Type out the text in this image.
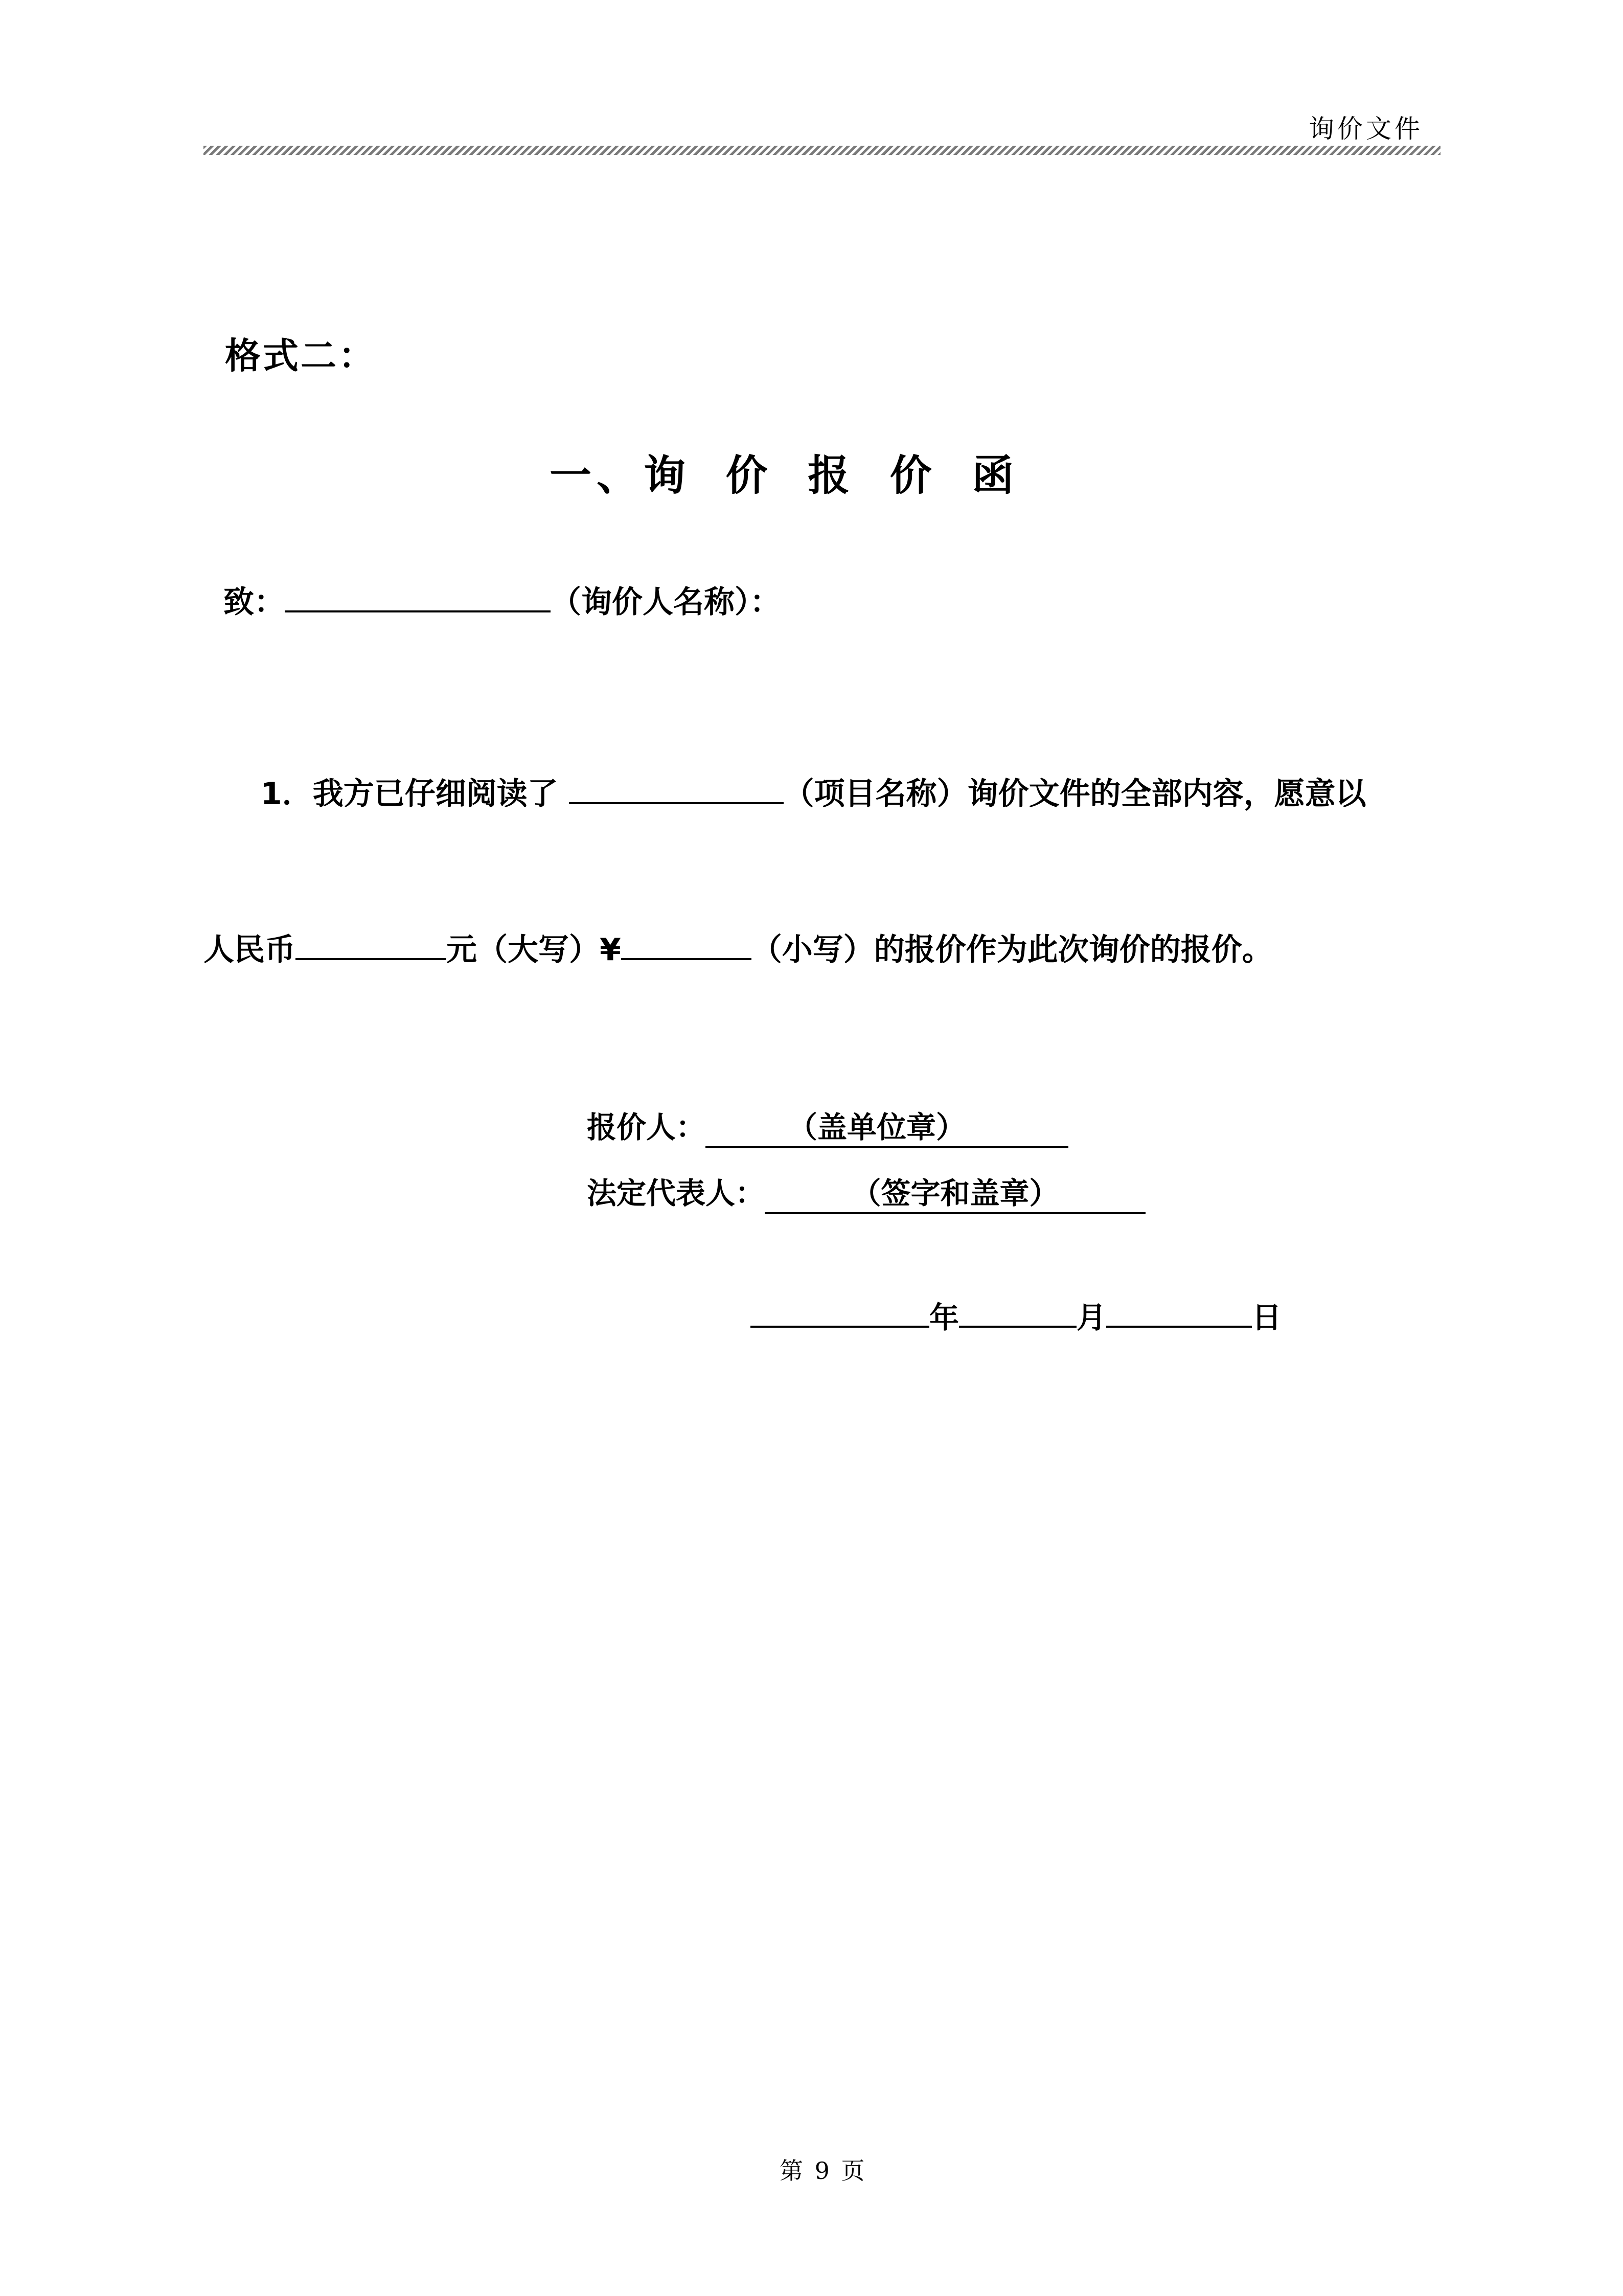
询价文件
格式二：
一、询 价 报 价 函
致：	（询价人名称）：
1．我方已仔细阅读了	（项目名称）询价文件的全部内容，愿意以
人民币	元（大写）¥	（小写）的报价作为此次询价的报价。
报价人：	（盖单位章）
法定代表人：	（签字和盖章）
年	月	日
第 9 页
